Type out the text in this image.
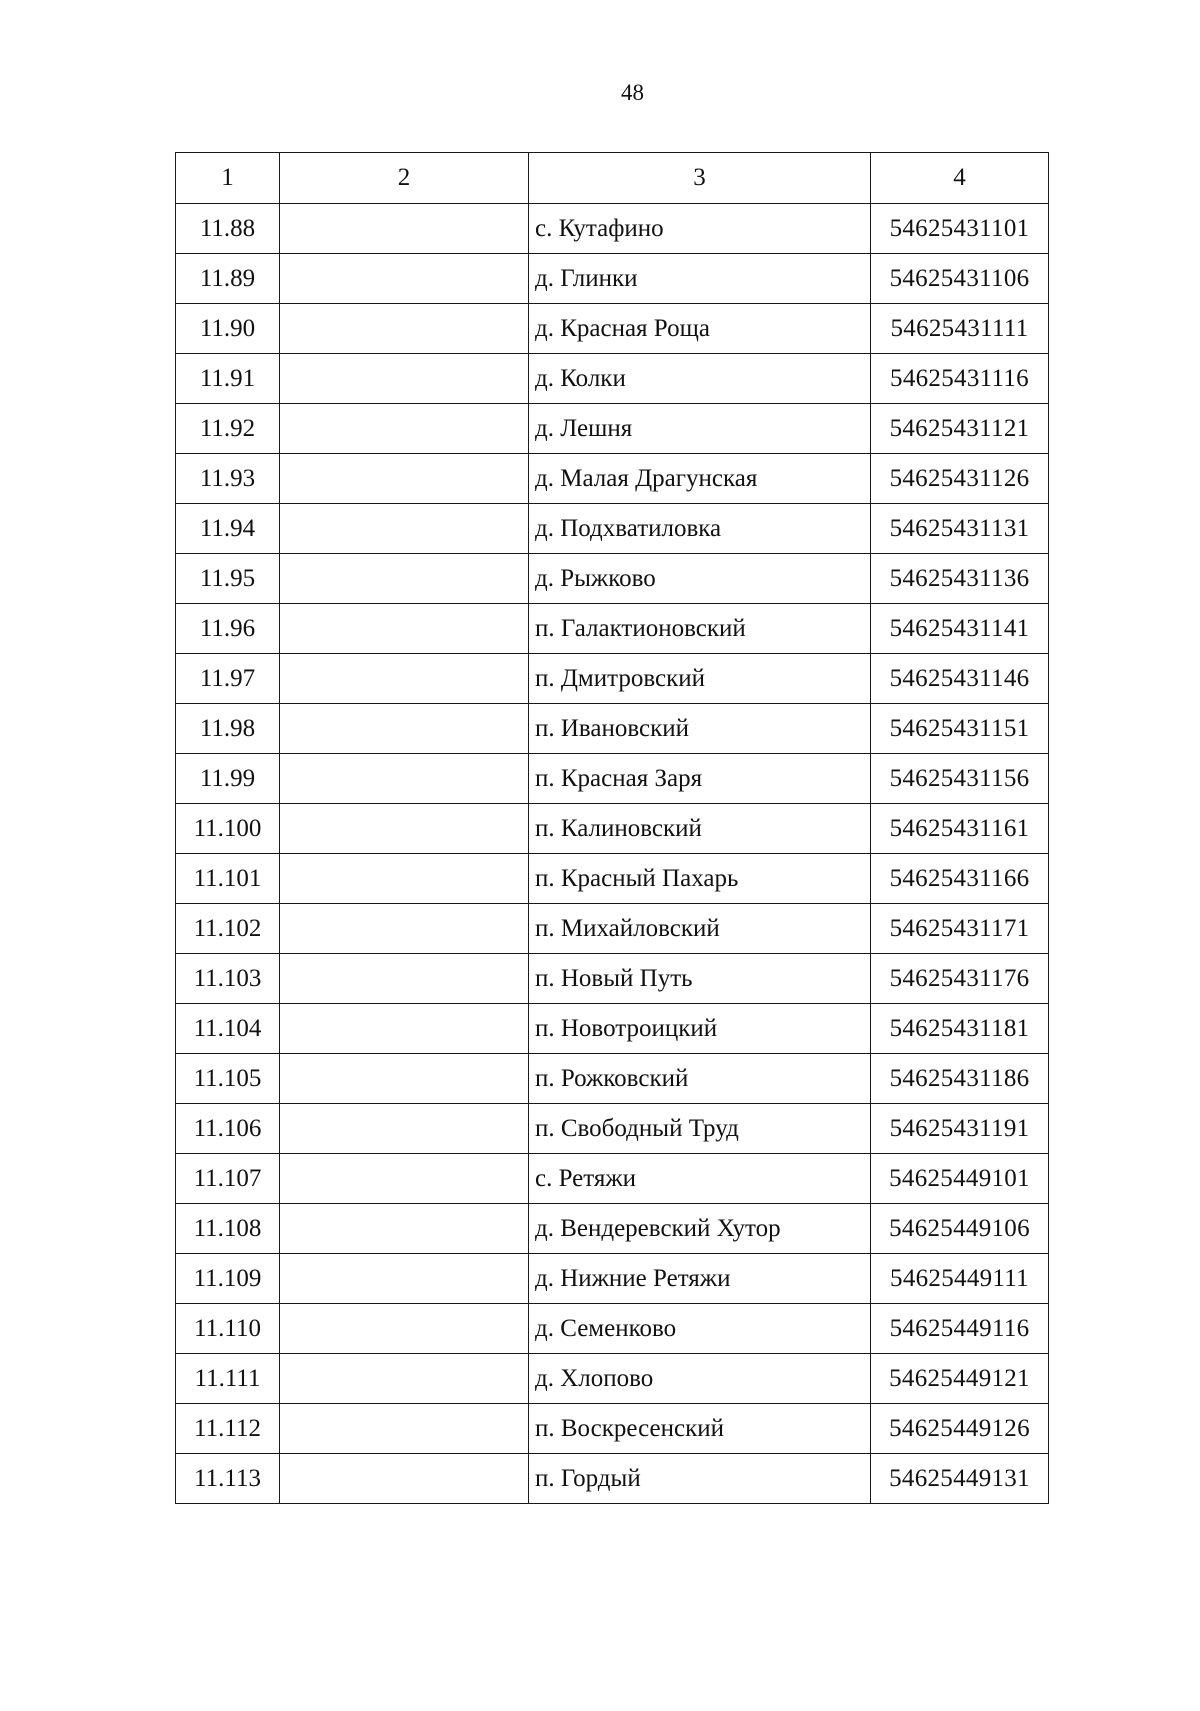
48
1	2	3	4
11.88		с. Кутафино	54625431101
11.89		д. Глинки	54625431106
11.90		д. Красная Роща	54625431111
11.91		д. Колки	54625431116
11.92		д. Лешня	54625431121
11.93		д. Малая Драгунская	54625431126
11.94		д. Подхватиловка	54625431131
11.95		д. Рыжково	54625431136
11.96		п. Галактионовский	54625431141
11.97		п. Дмитровский	54625431146
11.98		п. Ивановский	54625431151
11.99		п. Красная Заря	54625431156
11.100		п. Калиновский	54625431161
11.101		п. Красный Пахарь	54625431166
11.102		п. Михайловский	54625431171
11.103		п. Новый Путь	54625431176
11.104		п. Новотроицкий	54625431181
11.105		п. Рожковский	54625431186
11.106		п. Свободный Труд	54625431191
11.107		с. Ретяжи	54625449101
11.108		д. Вендеревский Хутор	54625449106
11.109		д. Нижние Ретяжи	54625449111
11.110		д. Семенково	54625449116
11.111		д. Хлопово	54625449121
11.112		п. Воскресенский	54625449126
11.113		п. Гордый	54625449131
